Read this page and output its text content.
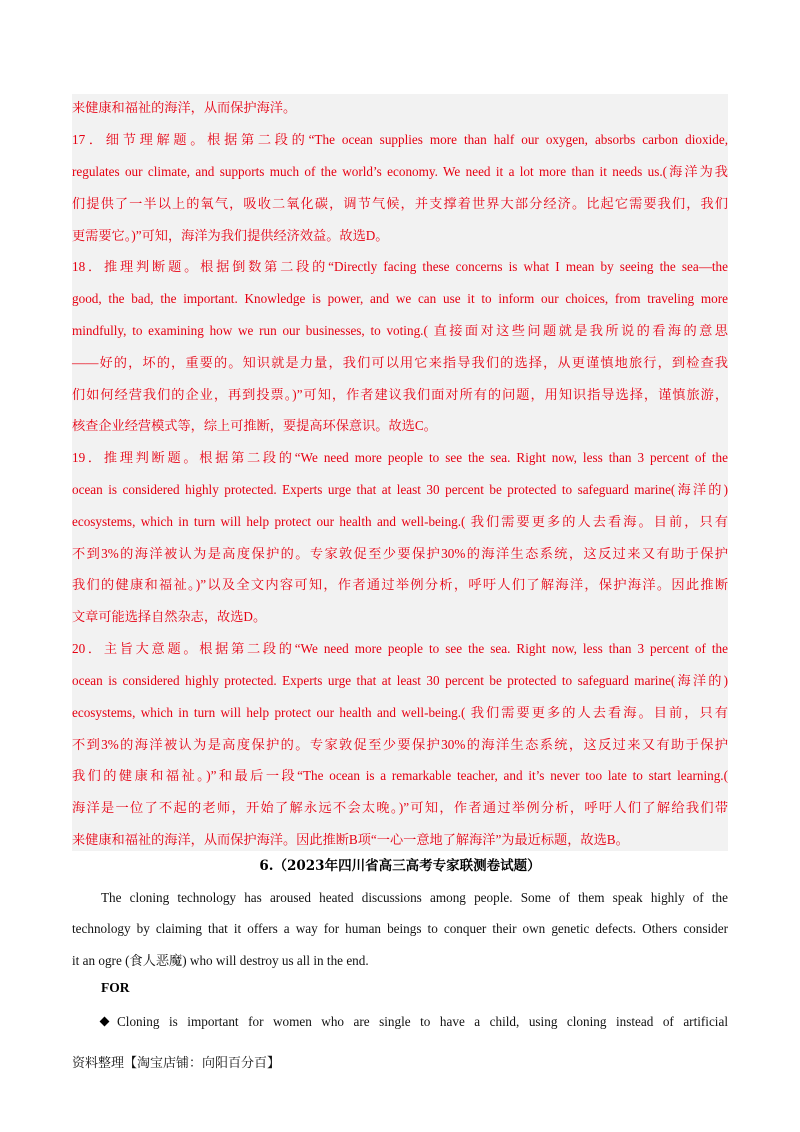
来健康和福祉的海洋，从而保护海洋。
17．细节理解题。根据第二段的“The ocean supplies more than half our oxygen, absorbs carbon dioxide,
regulates our climate, and supports much of the world’s economy. We need it a lot more than it needs us.(海洋为我
们提供了一半以上的氧气，吸收二氧化碳，调节气候，并支撑着世界大部分经济。比起它需要我们，我们
更需要它。)”可知，海洋为我们提供经济效益。故选D。
18．推理判断题。根据倒数第二段的“Directly facing these concerns is what I mean by seeing the sea—the
good, the bad, the important. Knowledge is power, and we can use it to inform our choices, from traveling more
mindfully, to examining how we run our businesses, to voting.( 直接面对这些问题就是我所说的看海的意思
——好的，坏的，重要的。知识就是力量，我们可以用它来指导我们的选择，从更谨慎地旅行，到检查我
们如何经营我们的企业，再到投票。)”可知，作者建议我们面对所有的问题，用知识指导选择，谨慎旅游，
核查企业经营模式等，综上可推断，要提高环保意识。故选C。
19．推理判断题。根据第二段的“We need more people to see the sea. Right now, less than 3 percent of the
ocean is considered highly protected. Experts urge that at least 30 percent be protected to safeguard marine(海洋的)
ecosystems, which in turn will help protect our health and well-being.( 我们需要更多的人去看海。目前，只有
不到3%的海洋被认为是高度保护的。专家敦促至少要保护30%的海洋生态系统，这反过来又有助于保护
我们的健康和福祉。)”以及全文内容可知，作者通过举例分析，呼吁人们了解海洋，保护海洋。因此推断
文章可能选择自然杂志，故选D。
20．主旨大意题。根据第二段的“We need more people to see the sea. Right now, less than 3 percent of the
ocean is considered highly protected. Experts urge that at least 30 percent be protected to safeguard marine(海洋的)
ecosystems, which in turn will help protect our health and well-being.( 我们需要更多的人去看海。目前，只有
不到3%的海洋被认为是高度保护的。专家敦促至少要保护30%的海洋生态系统，这反过来又有助于保护
我们的健康和福祉。)”和最后一段“The ocean is a remarkable teacher, and it’s never too late to start learning.(
海洋是一位了不起的老师，开始了解永远不会太晚。)”可知，作者通过举例分析，呼吁人们了解给我们带
来健康和福祉的海洋，从而保护海洋。因此推断B项“一心一意地了解海洋”为最近标题，故选B。
6.（2023年四川省高三高考专家联测卷试题）
The cloning technology has aroused heated discussions among people. Some of them speak highly of the
technology by claiming that it offers a way for human beings to conquer their own genetic defects. Others consider
it an ogre (食人恶魔) who will destroy us all in the end.
FOR
Cloning is important for women who are single to have a child, using cloning instead of artificial
资料整理【淘宝店铺：向阳百分百】
